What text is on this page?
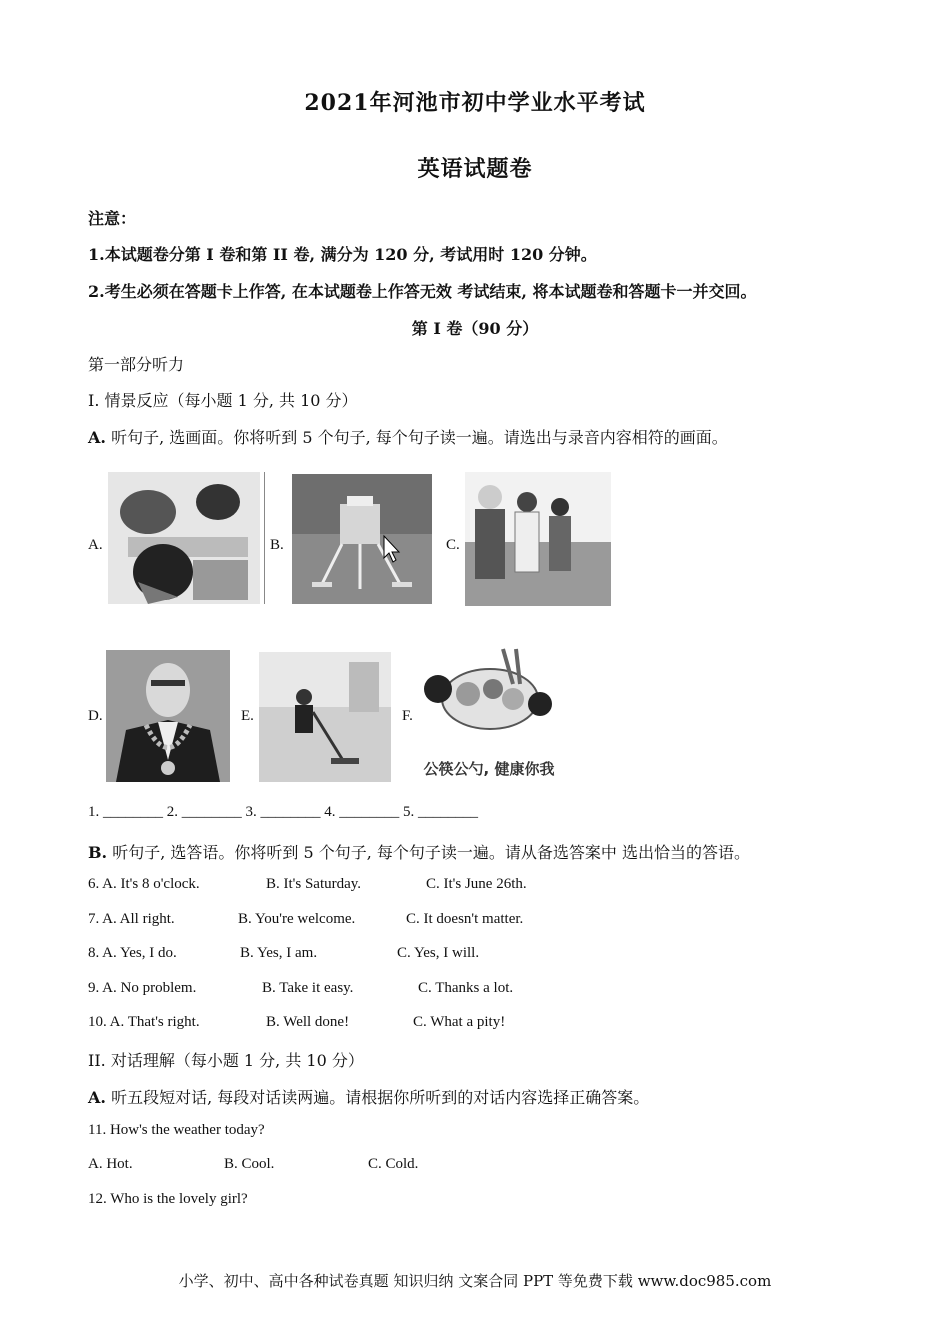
2021年河池市初中学业水平考试
英语试题卷
注意：
1.本试题卷分第 I 卷和第 II 卷, 满分为 120 分, 考试用时 120 分钟。
2.考生必须在答题卡上作答, 在本试题卷上作答无效 考试结束, 将本试题卷和答题卡一并交回。
第 I 卷（90 分）
第一部分听力
I. 情景反应（每小题 1 分, 共 10 分）
A. 听句子, 选画面。你将听到 5 个句子, 每个句子读一遍。请选出与录音内容相符的画面。
A.	B.	C.
D.	E.	F.
公筷公勺, 健康你我
1. ________ 2. ________ 3. ________ 4. ________ 5. ________
B. 听句子, 选答语。你将听到 5 个句子, 每个句子读一遍。请从备选答案中 选出恰当的答语。
6. A. It's 8 o'clock.	B. It's Saturday.	C. It's June 26th.
7. A. All right.	B. You're welcome.	C. It doesn't matter.
8. A. Yes, I do.	B. Yes, I am.	C. Yes, I will.
9. A. No problem.	B. Take it easy.	C. Thanks a lot.
10. A. That's right.	B. Well done!	C. What a pity!
II. 对话理解（每小题 1 分, 共 10 分）
A. 听五段短对话, 每段对话读两遍。请根据你所听到的对话内容选择正确答案。
11. How's the weather today?
A. Hot.	B. Cool.	C. Cold.
12. Who is the lovely girl?
小学、初中、高中各种试卷真题 知识归纳 文案合同 PPT 等免费下载 www.doc985.com
